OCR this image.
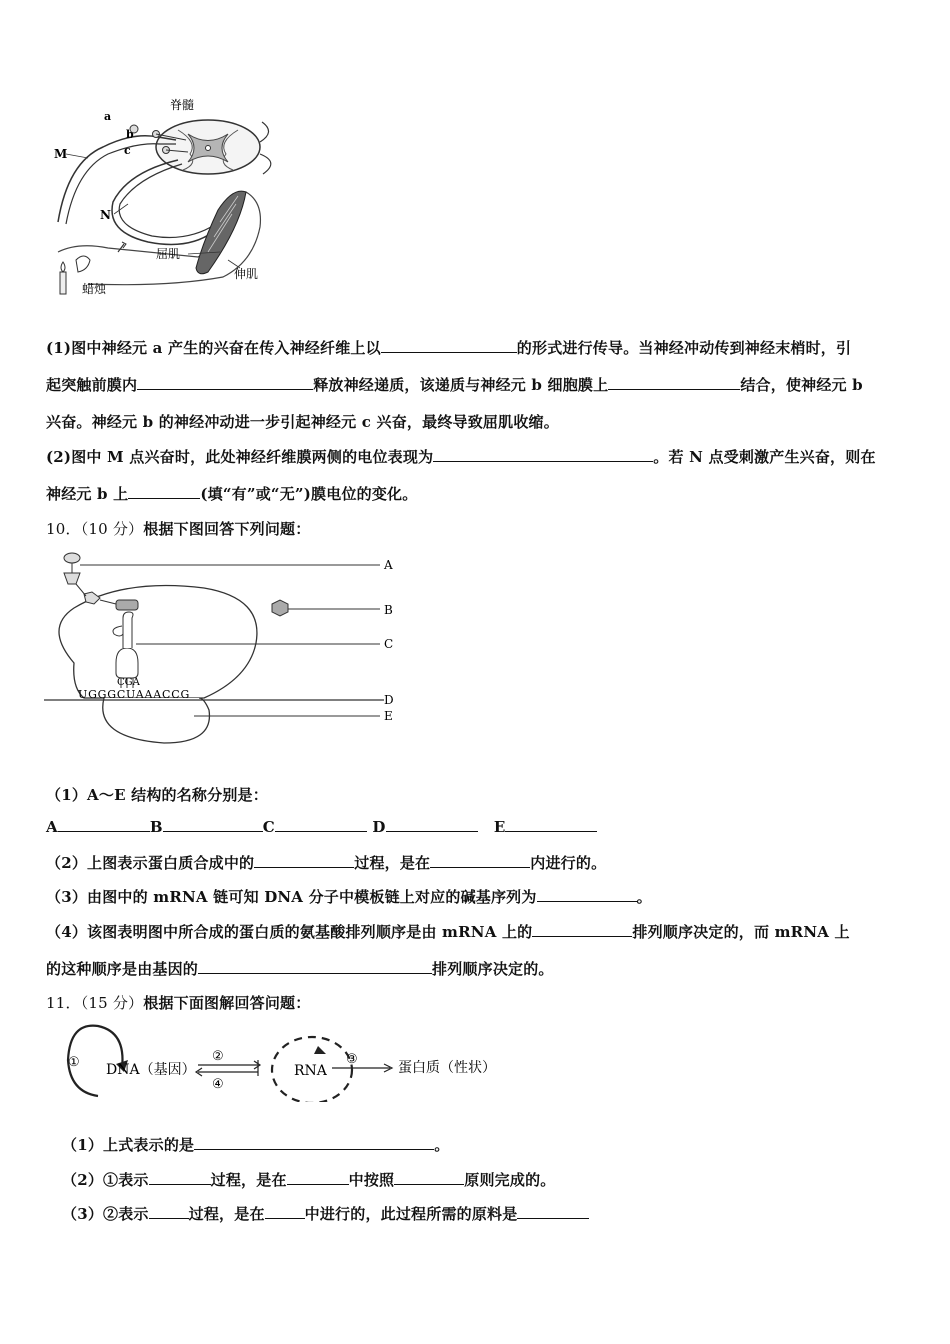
脊髓
a
b
c
M
N
屈肌
伸肌
蜡烛
(1)图中神经元 a 产生的兴奋在传入神经纤维上以	的形式进行传导。当神经冲动传到神经末梢时，引
起突触前膜内	释放神经递质，该递质与神经元 b 细胞膜上	结合，使神经元 b
兴奋。神经元 b 的神经冲动进一步引起神经元 c 兴奋，最终导致屈肌收缩。
(2)图中 M 点兴奋时，此处神经纤维膜两侧的电位表现为	。若 N 点受刺激产生兴奋，则在
神经元 b 上	(填“有”或“无”)膜电位的变化。
10．（10 分）根据下图回答下列问题：
A
B
C
D
E
CGA
UGGGCUAAACCG
（1）A～E 结构的名称分别是：
A	B	C	D	E
（2）上图表示蛋白质合成中的	过程，是在	内进行的。
（3）由图中的 mRNA 链可知 DNA 分子中模板链上对应的碱基序列为	。
（4）该图表明图中所合成的蛋白质的氨基酸排列顺序是由 mRNA 上的	排列顺序决定的，而 mRNA 上
的这种顺序是由基因的	排列顺序决定的。
11．（15 分）根据下面图解回答问题：
①	②	③
④
DNA（基因）	RNA	蛋白质（性状）
（1）上式表示的是	。
（2）①表示	过程，是在	中按照	原则完成的。
（3）②表示	过程，是在	中进行的，此过程所需的原料是
